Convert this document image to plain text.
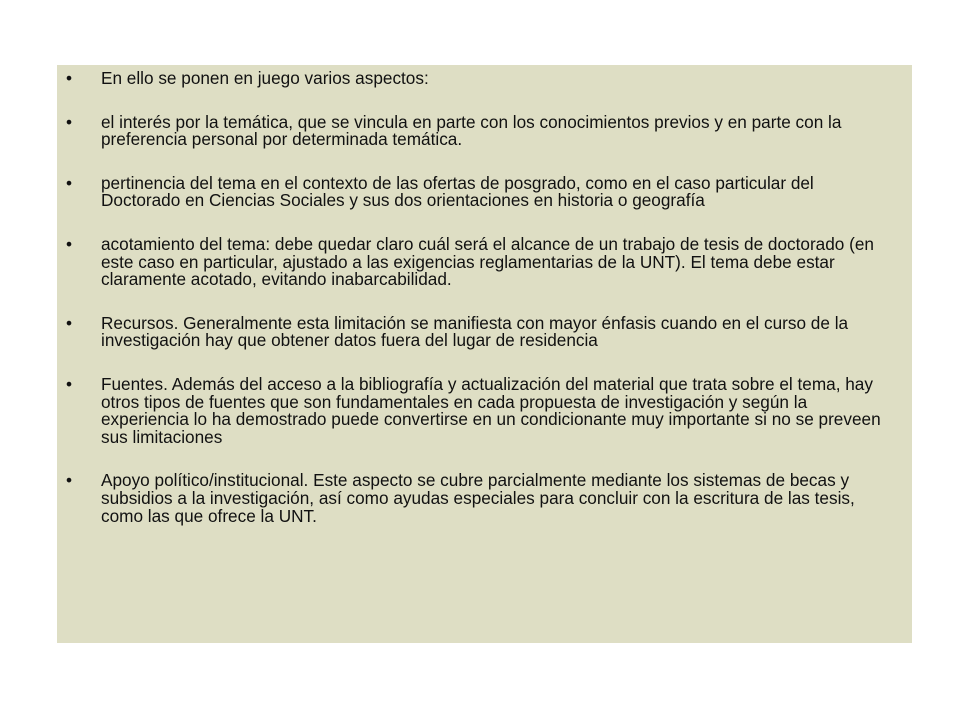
• En ello se ponen en juego varios aspectos:
• el interés por la temática, que se vincula en parte con los conocimientos previos y en parte con la preferencia personal por determinada temática.
• pertinencia del tema en el contexto de las ofertas de posgrado, como en el caso particular del Doctorado en Ciencias Sociales y sus dos orientaciones en historia o geografía
• acotamiento del tema: debe quedar claro cuál será el alcance de un trabajo de tesis de doctorado (en este caso en particular, ajustado a las exigencias reglamentarias de la UNT). El tema debe estar claramente acotado, evitando inabarcabilidad.
• Recursos. Generalmente esta limitación se manifiesta con mayor énfasis cuando en el curso de la investigación hay que obtener datos fuera del lugar de residencia
• Fuentes. Además del acceso a la bibliografía y actualización del material que trata sobre el tema, hay otros tipos de fuentes que son fundamentales en cada propuesta de investigación y según la experiencia lo ha demostrado puede convertirse en un condicionante muy importante si no se preveen sus limitaciones
• Apoyo político/institucional. Este aspecto se cubre parcialmente mediante los sistemas de becas y subsidios a la investigación, así como ayudas especiales para concluir con la escritura de las tesis, como las que ofrece la UNT.
